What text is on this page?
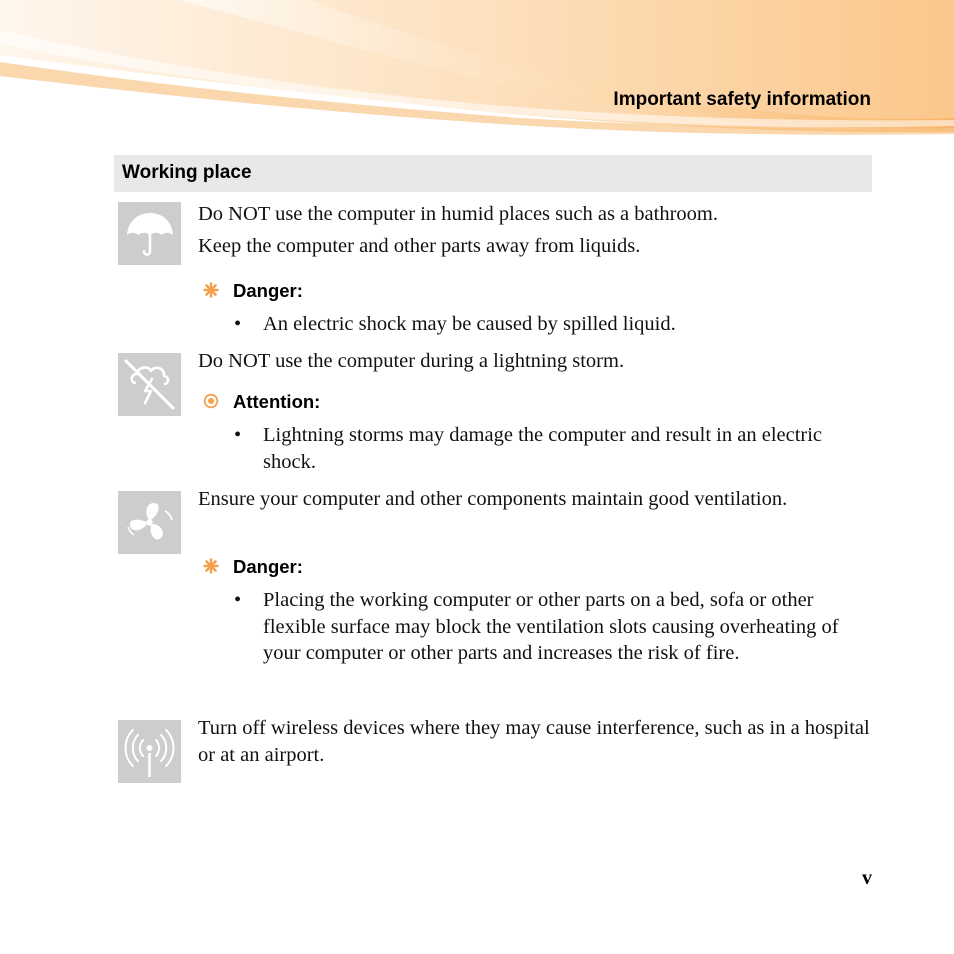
Important safety information
Working place

Do NOT use the computer in humid places such as a bathroom.

Keep the computer and other parts away from liquids.

Danger:
• An electric shock may be caused by spilled liquid.

Do NOT use the computer during a lightning storm.

Attention:
• Lightning storms may damage the computer and result in an electric shock.

Ensure your computer and other components maintain good ventilation.

Danger:
• Placing the working computer or other parts on a bed, sofa or other flexible surface may block the ventilation slots causing overheating of your computer or other parts and increases the risk of fire.

Turn off wireless devices where they may cause interference, such as in a hospital or at an airport.

v
